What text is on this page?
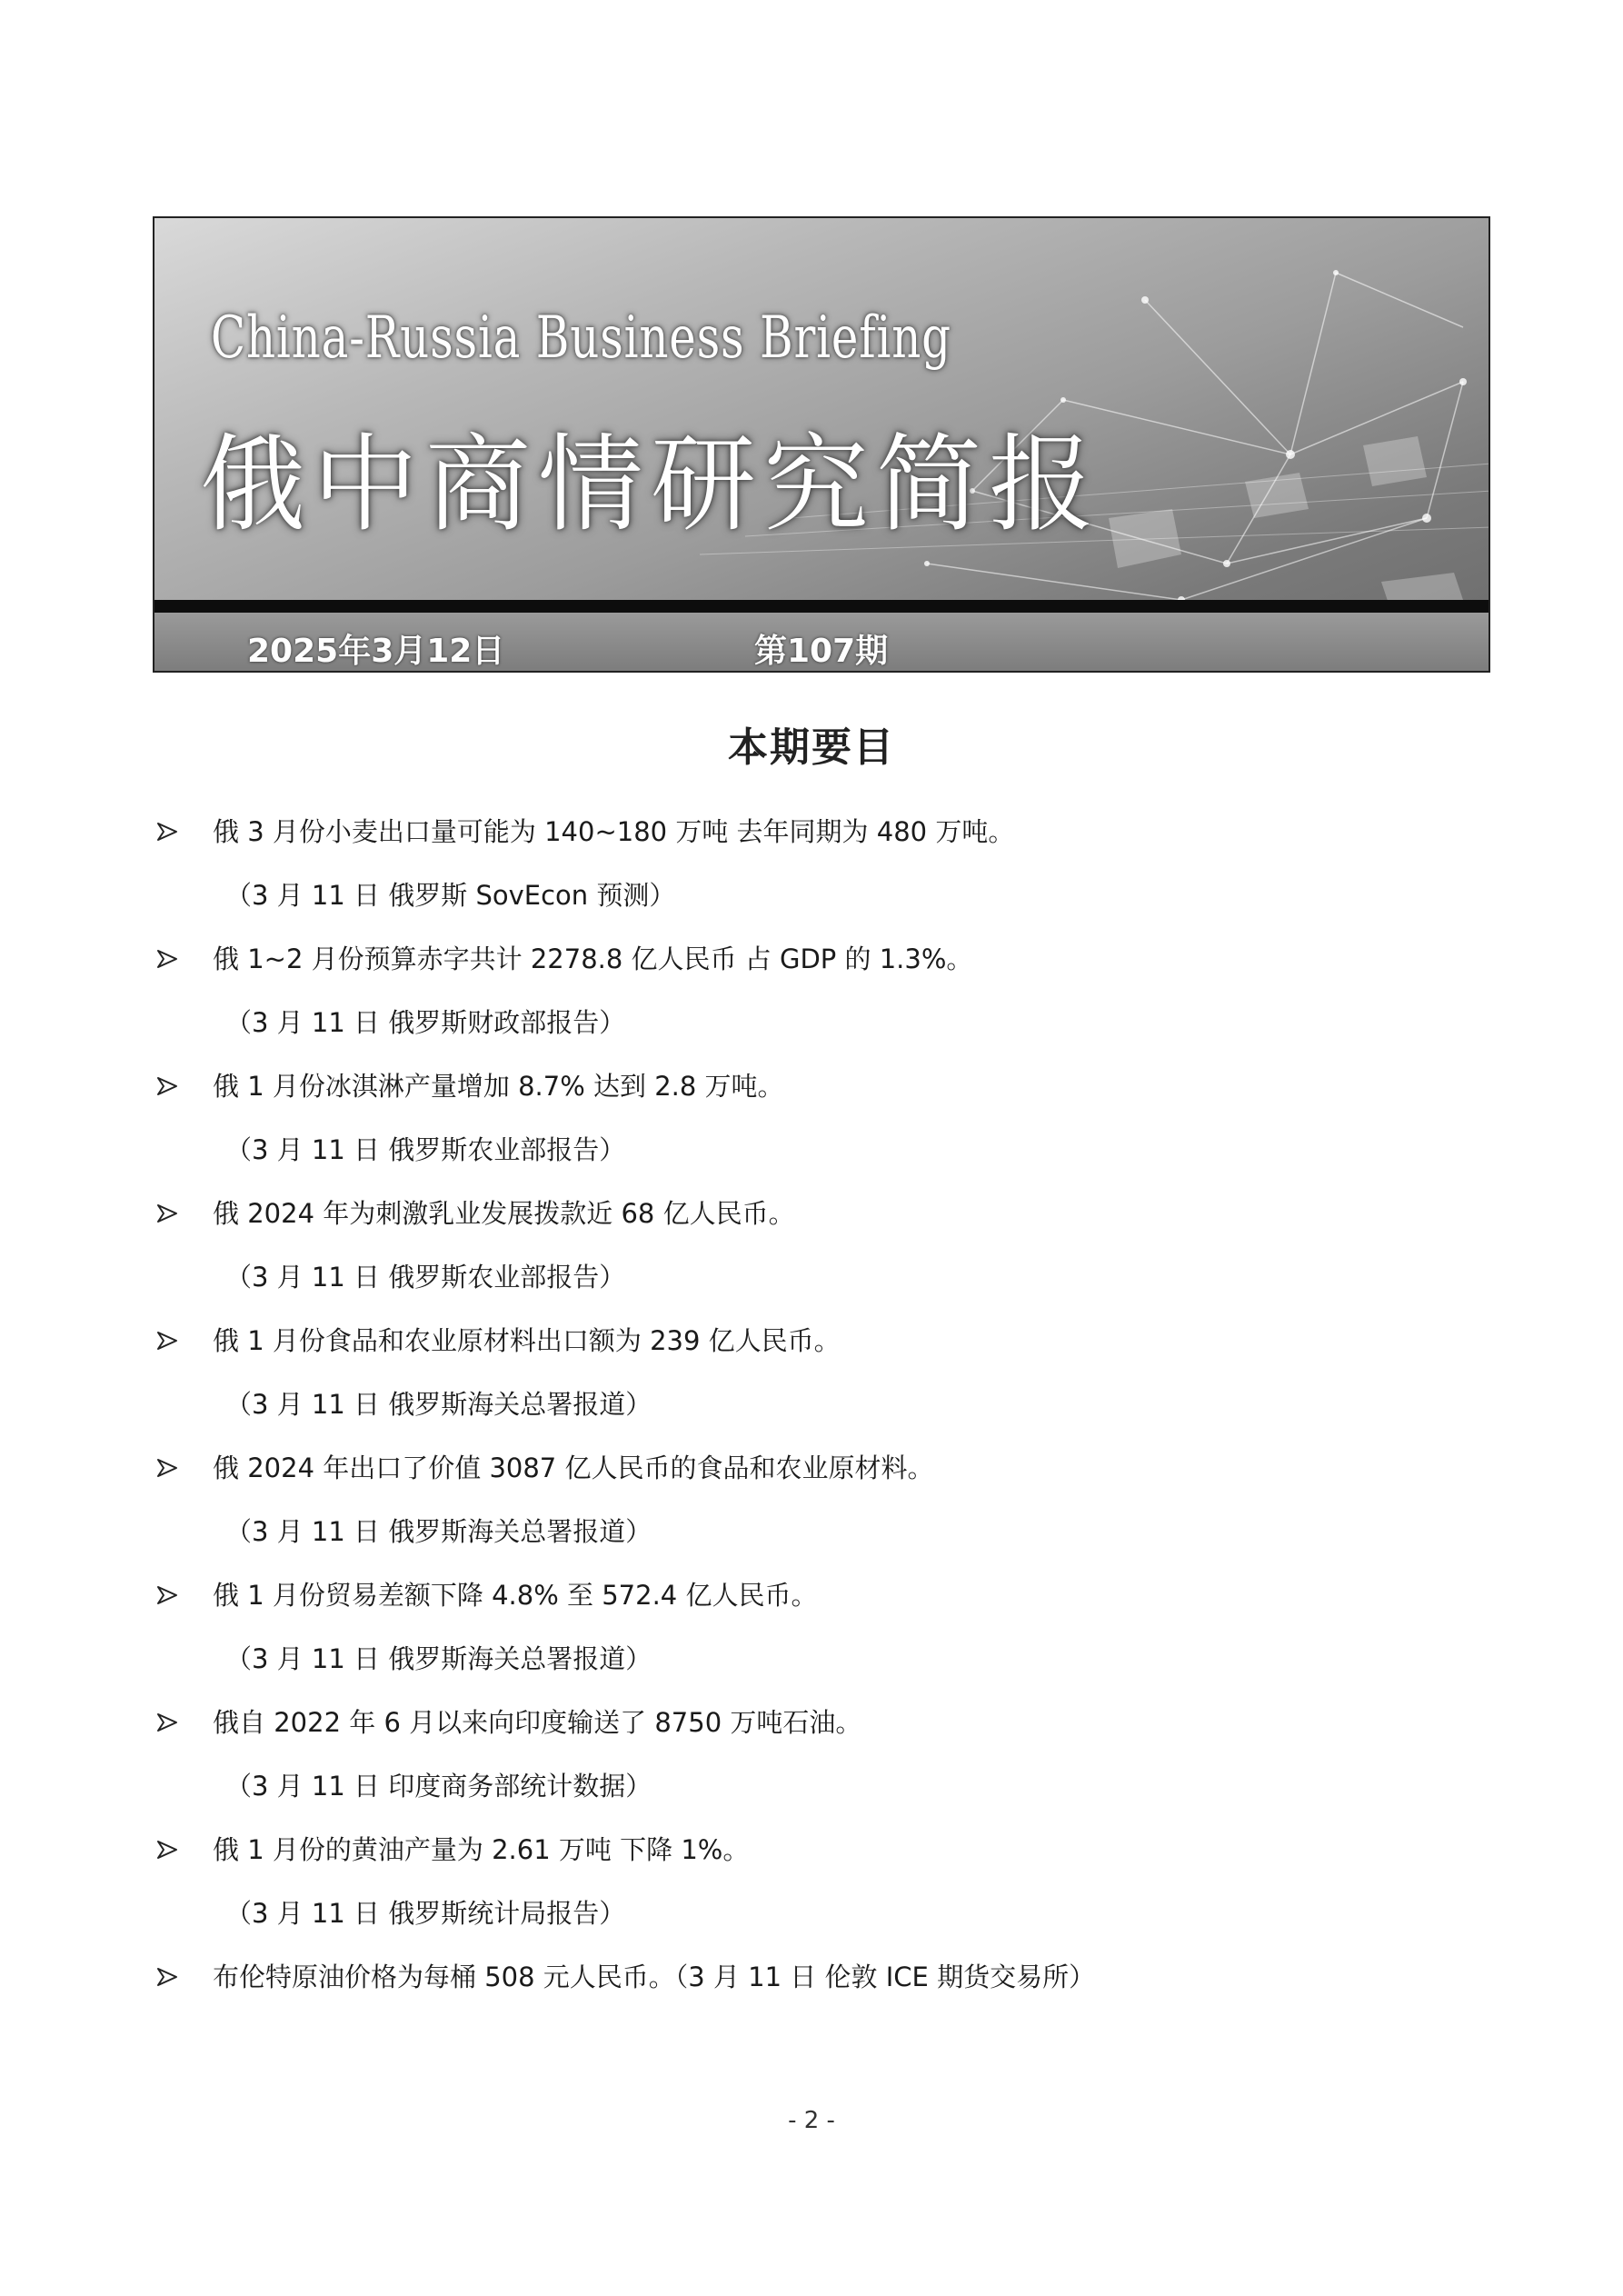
China-Russia Business Briefing
俄中商情研究简报
2025年3月12日	第107期
本期要目
俄 3 月份小麦出口量可能为 140~180 万吨 去年同期为 480 万吨。
（3 月 11 日 俄罗斯 SovEcon 预测）
俄 1~2 月份预算赤字共计 2278.8 亿人民币 占 GDP 的 1.3%。
（3 月 11 日 俄罗斯财政部报告）
俄 1 月份冰淇淋产量增加 8.7% 达到 2.8 万吨。
（3 月 11 日 俄罗斯农业部报告）
俄 2024 年为刺激乳业发展拨款近 68 亿人民币。
（3 月 11 日 俄罗斯农业部报告）
俄 1 月份食品和农业原材料出口额为 239 亿人民币。
（3 月 11 日 俄罗斯海关总署报道）
俄 2024 年出口了价值 3087 亿人民币的食品和农业原材料。
（3 月 11 日 俄罗斯海关总署报道）
俄 1 月份贸易差额下降 4.8% 至 572.4 亿人民币。
（3 月 11 日 俄罗斯海关总署报道）
俄自 2022 年 6 月以来向印度输送了 8750 万吨石油。
（3 月 11 日 印度商务部统计数据）
俄 1 月份的黄油产量为 2.61 万吨 下降 1%。
（3 月 11 日 俄罗斯统计局报告）
布伦特原油价格为每桶 508 元人民币。（3 月 11 日 伦敦 ICE 期货交易所）
- 2 -
